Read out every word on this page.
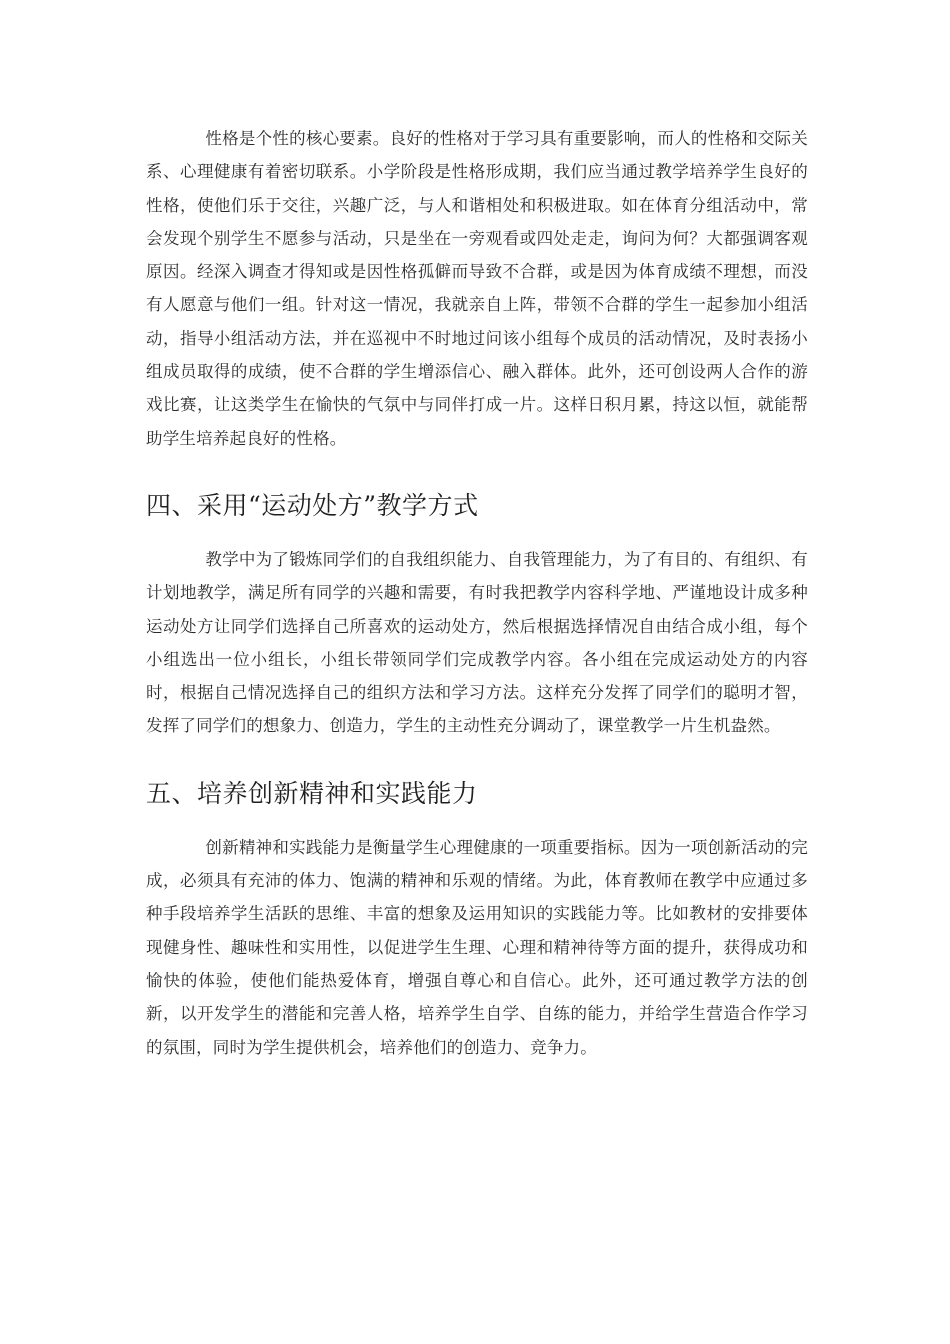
性格是个性的核心要素。良好的性格对于学习具有重要影响，而人的性格和交际关系、心理健康有着密切联系。小学阶段是性格形成期，我们应当通过教学培养学生良好的性格，使他们乐于交往，兴趣广泛，与人和谐相处和积极进取。如在体育分组活动中，常会发现个别学生不愿参与活动，只是坐在一旁观看或四处走走，询问为何？大都强调客观原因。经深入调查才得知或是因性格孤僻而导致不合群，或是因为体育成绩不理想，而没有人愿意与他们一组。针对这一情况，我就亲自上阵，带领不合群的学生一起参加小组活动，指导小组活动方法，并在巡视中不时地过问该小组每个成员的活动情况，及时表扬小组成员取得的成绩，使不合群的学生增添信心、融入群体。此外，还可创设两人合作的游戏比赛，让这类学生在愉快的气氛中与同伴打成一片。这样日积月累，持这以恒，就能帮助学生培养起良好的性格。

四、采用“运动处方”教学方式

教学中为了锻炼同学们的自我组织能力、自我管理能力，为了有目的、有组织、有计划地教学，满足所有同学的兴趣和需要，有时我把教学内容科学地、严谨地设计成多种运动处方让同学们选择自己所喜欢的运动处方，然后根据选择情况自由结合成小组，每个小组选出一位小组长，小组长带领同学们完成教学内容。各小组在完成运动处方的内容时，根据自己情况选择自己的组织方法和学习方法。这样充分发挥了同学们的聪明才智，发挥了同学们的想象力、创造力，学生的主动性充分调动了，课堂教学一片生机盎然。

五、培养创新精神和实践能力

创新精神和实践能力是衡量学生心理健康的一项重要指标。因为一项创新活动的完成，必须具有充沛的体力、饱满的精神和乐观的情绪。为此，体育教师在教学中应通过多种手段培养学生活跃的思维、丰富的想象及运用知识的实践能力等。比如教材的安排要体现健身性、趣味性和实用性，以促进学生生理、心理和精神待等方面的提升，获得成功和愉快的体验，使他们能热爱体育，增强自尊心和自信心。此外，还可通过教学方法的创新，以开发学生的潜能和完善人格，培养学生自学、自练的能力，并给学生营造合作学习的氛围，同时为学生提供机会，培养他们的创造力、竞争力。
